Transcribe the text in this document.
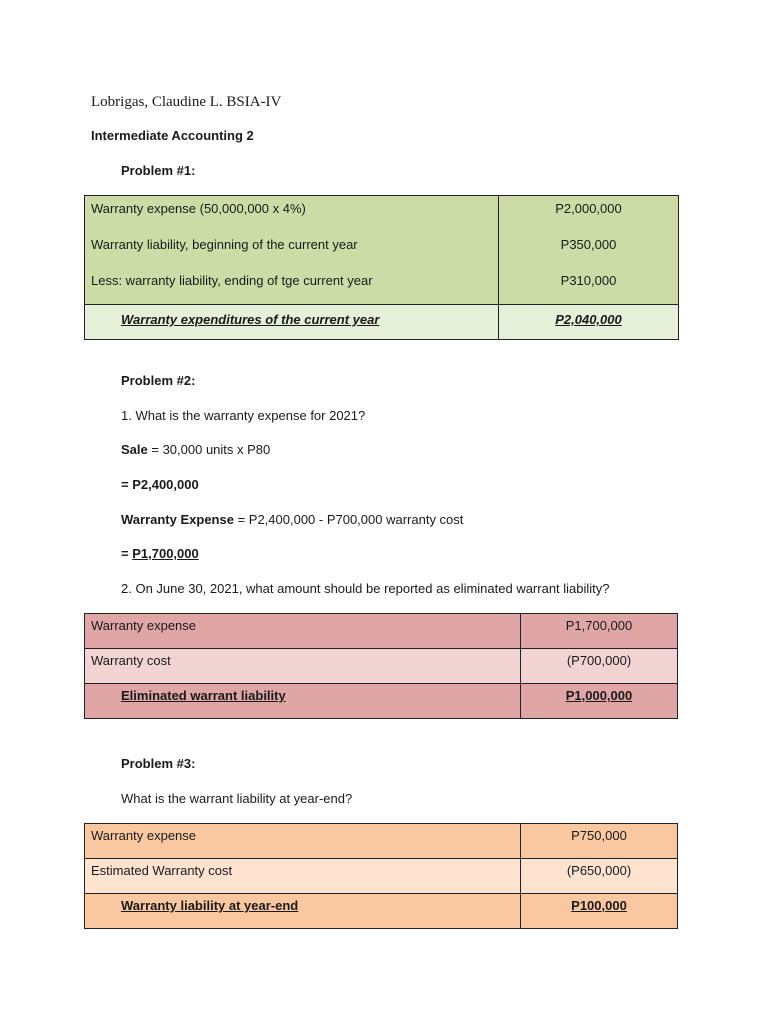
Lobrigas, Claudine L. BSIA-IV
Intermediate Accounting 2
Problem #1:
Warranty expense (50,000,000 x 4%)	P2,000,000
Warranty liability, beginning of the current year	P350,000
Less: warranty liability, ending of tge current year	P310,000
Warranty expenditures of the current year	P2,040,000
Problem #2:
1. What is the warranty expense for 2021?
Sale = 30,000 units x P80
= P2,400,000
Warranty Expense = P2,400,000 - P700,000 warranty cost
= P1,700,000
2. On June 30, 2021, what amount should be reported as eliminated warrant liability?
Warranty expense	P1,700,000
Warranty cost	(P700,000)
Eliminated warrant liability	P1,000,000
Problem #3:
What is the warrant liability at year-end?
Warranty expense	P750,000
Estimated Warranty cost	(P650,000)
Warranty liability at year-end	P100,000
